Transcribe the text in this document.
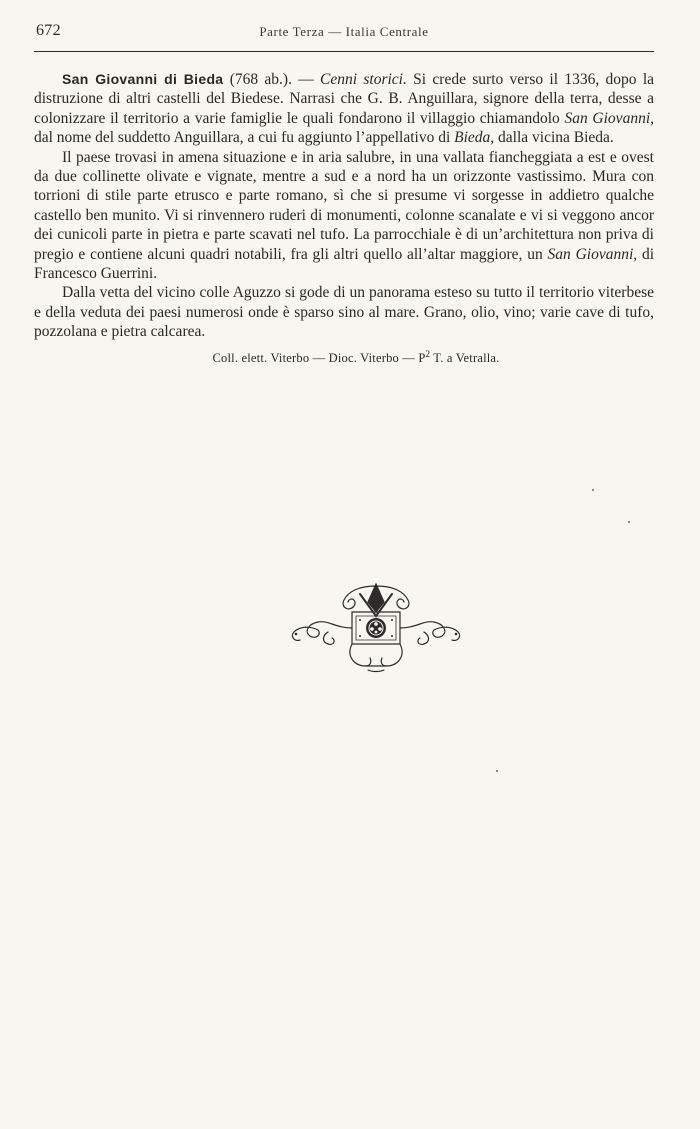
672	Parte Terza — Italia Centrale

San Giovanni di Bieda (768 ab.). — Cenni storici. Si crede surto verso il 1336, dopo la distruzione di altri castelli del Biedese. Narrasi che G. B. Anguillara, signore della terra, desse a colonizzare il territorio a varie famiglie le quali fondarono il villaggio chiamandolo San Giovanni, dal nome del suddetto Anguillara, a cui fu aggiunto l’appellativo di Bieda, dalla vicina Bieda.

Il paese trovasi in amena situazione e in aria salubre, in una vallata fiancheggiata a est e ovest da due collinette olivate e vignate, mentre a sud e a nord ha un orizzonte vastissimo. Mura con torrioni di stile parte etrusco e parte romano, sì che si presume vi sorgesse in addietro qualche castello ben munito. Vi si rinvennero ruderi di monumenti, colonne scanalate e vi si veggono ancor dei cunicoli parte in pietra e parte scavati nel tufo. La parrocchiale è di un’architettura non priva di pregio e contiene alcuni quadri notabili, fra gli altri quello all’altar maggiore, un San Giovanni, di Francesco Guerrini.

Dalla vetta del vicino colle Aguzzo si gode di un panorama esteso su tutto il territorio viterbese e della veduta dei paesi numerosi onde è sparso sino al mare. Grano, olio, vino; varie cave di tufo, pozzolana e pietra calcarea.

Coll. elett. Viterbo — Dioc. Viterbo — $P^2$ T. a Vetralla.
